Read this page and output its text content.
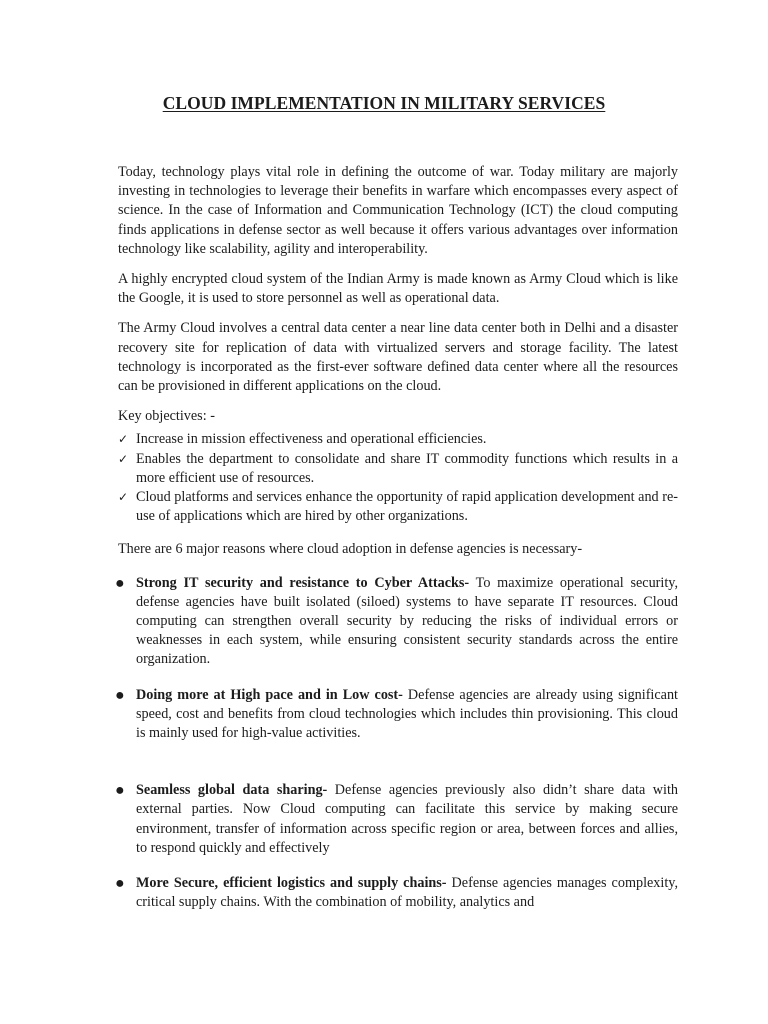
CLOUD IMPLEMENTATION IN MILITARY SERVICES

Today, technology plays vital role in defining the outcome of war. Today military are majorly investing in technologies to leverage their benefits in warfare which encompasses every aspect of science. In the case of Information and Communication Technology (ICT) the cloud computing finds applications in defense sector as well because it offers various advantages over information technology like scalability, agility and interoperability.

A highly encrypted cloud system of the Indian Army is made known as Army Cloud which is like the Google, it is used to store personnel as well as operational data.

The Army Cloud involves a central data center a near line data center both in Delhi and a disaster recovery site for replication of data with virtualized servers and storage facility. The latest technology is incorporated as the first-ever software defined data center where all the resources can be provisioned in different applications on the cloud.

Key objectives: -

✓ Increase in mission effectiveness and operational efficiencies.
✓ Enables the department to consolidate and share IT commodity functions which results in a more efficient use of resources.
✓ Cloud platforms and services enhance the opportunity of rapid application development and re-use of applications which are hired by other organizations.

There are 6 major reasons where cloud adoption in defense agencies is necessary-

● Strong IT security and resistance to Cyber Attacks- To maximize operational security, defense agencies have built isolated (siloed) systems to have separate IT resources. Cloud computing can strengthen overall security by reducing the risks of individual errors or weaknesses in each system, while ensuring consistent security standards across the entire organization.
● Doing more at High pace and in Low cost- Defense agencies are already using significant speed, cost and benefits from cloud technologies which includes thin provisioning. This cloud is mainly used for high-value activities.
● Seamless global data sharing- Defense agencies previously also didn’t share data with external parties. Now Cloud computing can facilitate this service by making secure environment, transfer of information across specific region or area, between forces and allies, to respond quickly and effectively
● More Secure, efficient logistics and supply chains- Defense agencies manages complexity, critical supply chains. With the combination of mobility, analytics and
